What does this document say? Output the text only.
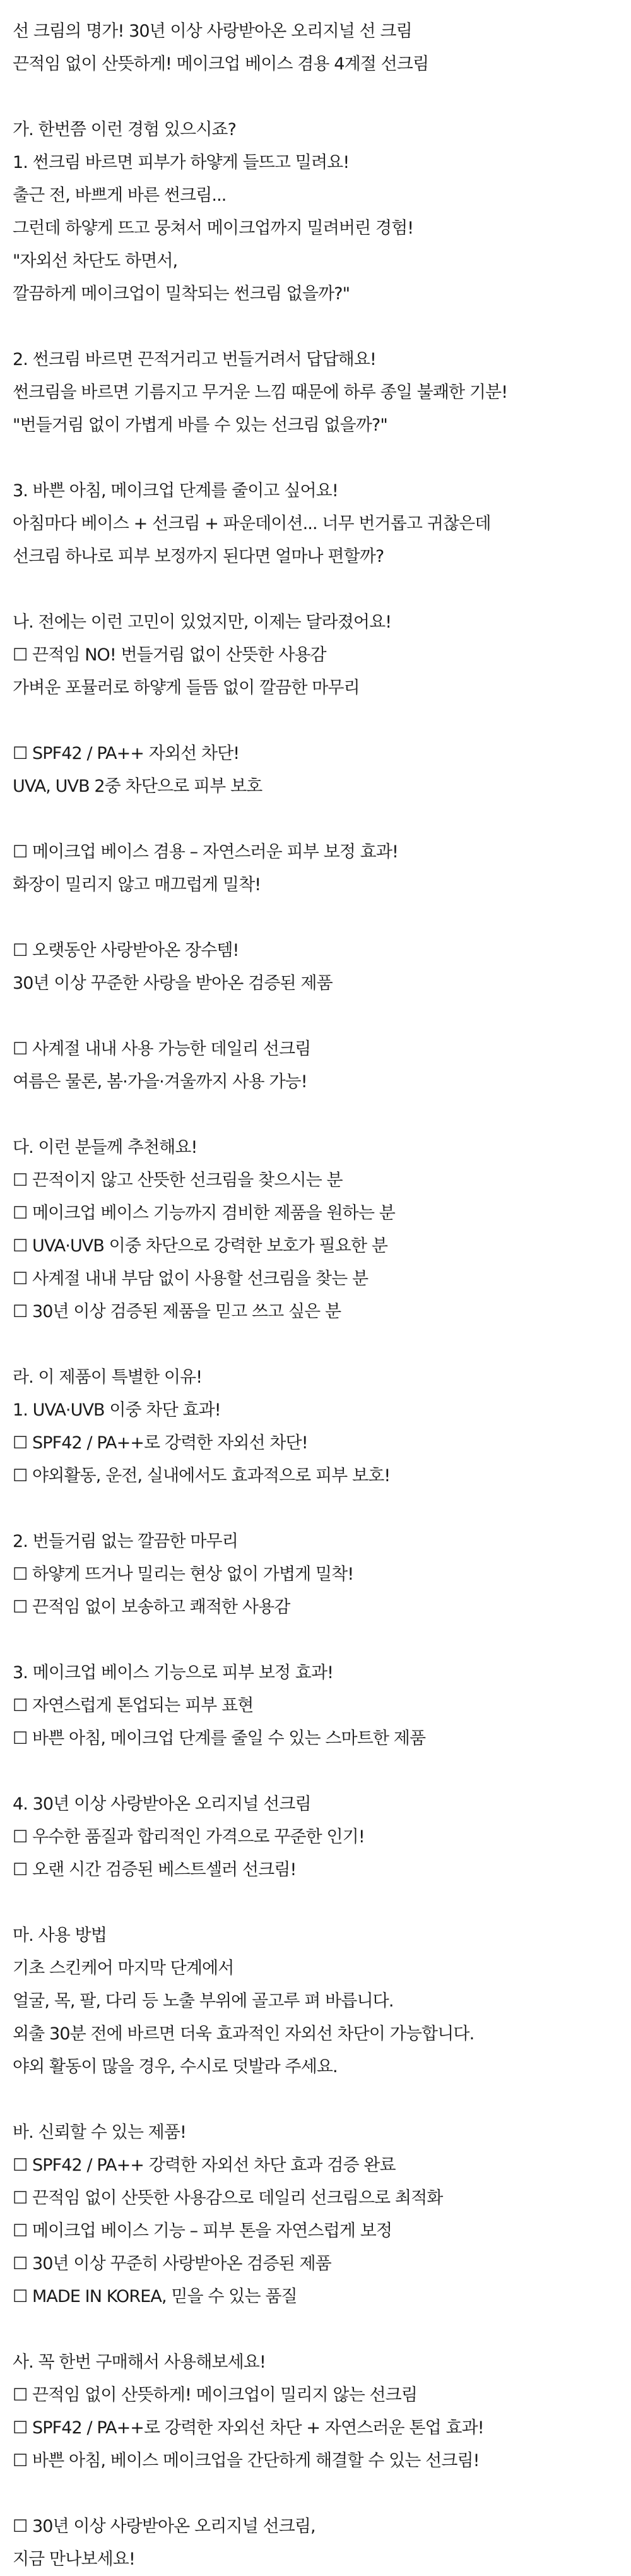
선 크림의 명가! 30년 이상 사랑받아온 오리지널 선 크림
끈적임 없이 산뜻하게! 메이크업 베이스 겸용 4계절 선크림
가. 한번쯤 이런 경험 있으시죠?
1. 썬크림 바르면 피부가 하얗게 들뜨고 밀려요!
출근 전, 바쁘게 바른 썬크림...
그런데 하얗게 뜨고 뭉쳐서 메이크업까지 밀려버린 경험!
"자외선 차단도 하면서,
깔끔하게 메이크업이 밀착되는 썬크림 없을까?"
2. 썬크림 바르면 끈적거리고 번들거려서 답답해요!
썬크림을 바르면 기름지고 무거운 느낌 때문에 하루 종일 불쾌한 기분!
"번들거림 없이 가볍게 바를 수 있는 선크림 없을까?"
3. 바쁜 아침, 메이크업 단계를 줄이고 싶어요!
아침마다 베이스 + 선크림 + 파운데이션... 너무 번거롭고 귀찮은데
선크림 하나로 피부 보정까지 된다면 얼마나 편할까?
나. 전에는 이런 고민이 있었지만, 이제는 달라졌어요!
☐ 끈적임 NO! 번들거림 없이 산뜻한 사용감
가벼운 포뮬러로 하얗게 들뜸 없이 깔끔한 마무리
☐ SPF42 / PA++ 자외선 차단!
UVA, UVB 2중 차단으로 피부 보호
☐ 메이크업 베이스 겸용 – 자연스러운 피부 보정 효과!
화장이 밀리지 않고 매끄럽게 밀착!
☐ 오랫동안 사랑받아온 장수템!
30년 이상 꾸준한 사랑을 받아온 검증된 제품
☐ 사계절 내내 사용 가능한 데일리 선크림
여름은 물론, 봄·가을·겨울까지 사용 가능!
다. 이런 분들께 추천해요!
☐ 끈적이지 않고 산뜻한 선크림을 찾으시는 분
☐ 메이크업 베이스 기능까지 겸비한 제품을 원하는 분
☐ UVA·UVB 이중 차단으로 강력한 보호가 필요한 분
☐ 사계절 내내 부담 없이 사용할 선크림을 찾는 분
☐ 30년 이상 검증된 제품을 믿고 쓰고 싶은 분
라. 이 제품이 특별한 이유!
1. UVA·UVB 이중 차단 효과!
☐ SPF42 / PA++로 강력한 자외선 차단!
☐ 야외활동, 운전, 실내에서도 효과적으로 피부 보호!
2. 번들거림 없는 깔끔한 마무리
☐ 하얗게 뜨거나 밀리는 현상 없이 가볍게 밀착!
☐ 끈적임 없이 보송하고 쾌적한 사용감
3. 메이크업 베이스 기능으로 피부 보정 효과!
☐ 자연스럽게 톤업되는 피부 표현
☐ 바쁜 아침, 메이크업 단계를 줄일 수 있는 스마트한 제품
4. 30년 이상 사랑받아온 오리지널 선크림
☐ 우수한 품질과 합리적인 가격으로 꾸준한 인기!
☐ 오랜 시간 검증된 베스트셀러 선크림!
마. 사용 방법
기초 스킨케어 마지막 단계에서
얼굴, 목, 팔, 다리 등 노출 부위에 골고루 펴 바릅니다.
외출 30분 전에 바르면 더욱 효과적인 자외선 차단이 가능합니다.
야외 활동이 많을 경우, 수시로 덧발라 주세요.
바. 신뢰할 수 있는 제품!
☐ SPF42 / PA++ 강력한 자외선 차단 효과 검증 완료
☐ 끈적임 없이 산뜻한 사용감으로 데일리 선크림으로 최적화
☐ 메이크업 베이스 기능 – 피부 톤을 자연스럽게 보정
☐ 30년 이상 꾸준히 사랑받아온 검증된 제품
☐ MADE IN KOREA, 믿을 수 있는 품질
사. 꼭 한번 구매해서 사용해보세요!
☐ 끈적임 없이 산뜻하게! 메이크업이 밀리지 않는 선크림
☐ SPF42 / PA++로 강력한 자외선 차단 + 자연스러운 톤업 효과!
☐ 바쁜 아침, 베이스 메이크업을 간단하게 해결할 수 있는 선크림!
☐ 30년 이상 사랑받아온 오리지널 선크림,
지금 만나보세요!
